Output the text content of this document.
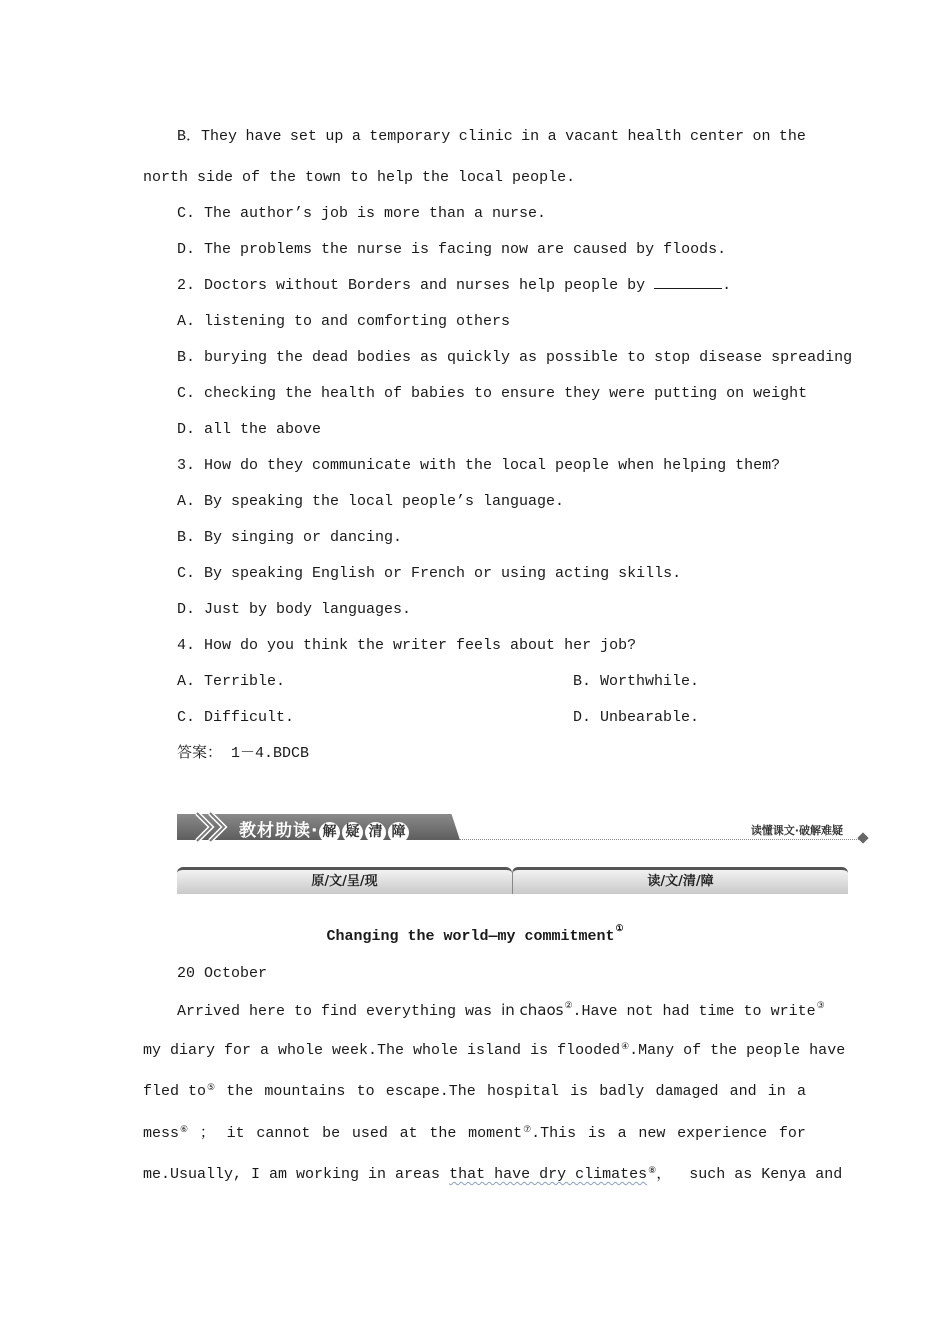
B．They have set up a temporary clinic in a vacant health center on the
north side of the town to help the local people.
C. The author’s job is more than a nurse.
D. The problems the nurse is facing now are caused by floods.
2. Doctors without Borders and nurses help people by	.
A. listening to and comforting others
B. burying the dead bodies as quickly as possible to stop disease spreading
C. checking the health of babies to ensure they were putting on weight
D. all the above
3. How do they communicate with the local people when helping them?
A. By speaking the local people’s language.
B. By singing or dancing.
C. By speaking English or French or using acting skills.
D. Just by body languages.
4. How do you think the writer feels about her job?
A. Terrible.	B. Worthwhile.
C. Difficult.	D. Unbearable.
答案： 1－4.BDCB
教材助读· 解 疑 清 障	读懂课文·破解难疑
原/文/呈/现	读/文/清/障
Changing the world—my commitment①
20 October
Arrived here to find everything was in chaos②.Have not had time to write③
my diary for a whole week.The whole island is flooded④ .Many of the people have
fled to⑤ the mountains to escape.The hospital is badly damaged and in a
mess⑥ ； it cannot be used at the moment⑦.This is a new experience for
me.Usually, I am working in areas that have dry climates⑧，  such as Kenya and
